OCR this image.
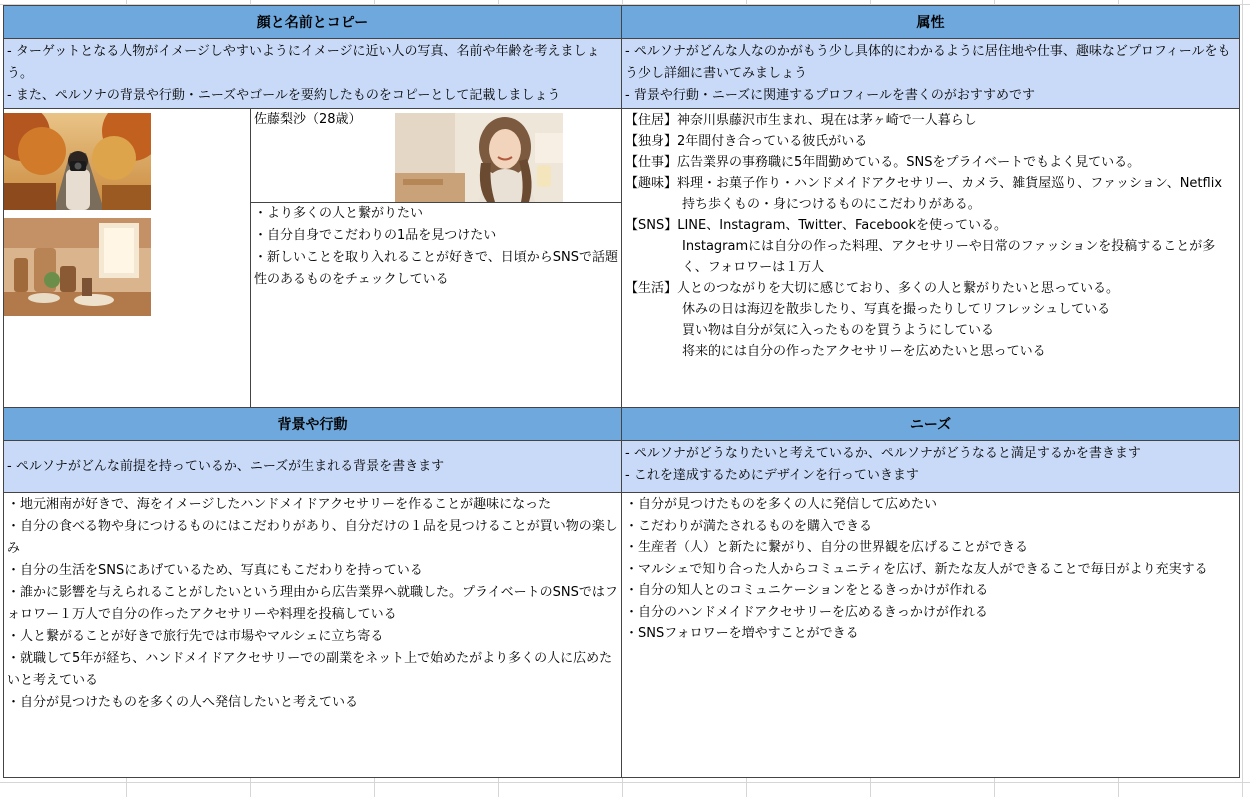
顔と名前とコピー

- ターゲットとなる人物がイメージしやすいようにイメージに近い人の写真、名前や年齢を考えましょう。

- また、ペルソナの背景や行動・ニーズやゴールを要約したものをコピーとして記載しましょう

佐藤梨沙（28歳）

・より多くの人と繋がりたい

・自分自身でこだわりの1品を見つけたい

・新しいことを取り入れることが好きで、日頃からSNSで話題性のあるものをチェックしている

属性

- ペルソナがどんな人なのかがもう少し具体的にわかるように居住地や仕事、趣味などプロフィールをもう少し詳細に書いてみましょう

- 背景や行動・ニーズに関連するプロフィールを書くのがおすすめです

【住居】神奈川県藤沢市生まれ、現在は茅ヶ崎で一人暮らし

【独身】2年間付き合っている彼氏がいる

【仕事】広告業界の事務職に5年間勤めている。SNSをプライベートでもよく見ている。

【趣味】料理・お菓子作り・ハンドメイドアクセサリー、カメラ、雑貨屋巡り、ファッション、Netflix

持ち歩くもの・身につけるものにこだわりがある。

【SNS】LINE、Instagram、Twitter、Facebookを使っている。

Instagramには自分の作った料理、アクセサリーや日常のファッションを投稿することが多く、フォロワーは１万人

【生活】人とのつながりを大切に感じており、多くの人と繋がりたいと思っている。

休みの日は海辺を散歩したり、写真を撮ったりしてリフレッシュしている

買い物は自分が気に入ったものを買うようにしている

将来的には自分の作ったアクセサリーを広めたいと思っている

背景や行動

- ペルソナがどんな前提を持っているか、ニーズが生まれる背景を書きます

・地元湘南が好きで、海をイメージしたハンドメイドアクセサリーを作ることが趣味になった

・自分の食べる物や身につけるものにはこだわりがあり、自分だけの１品を見つけることが買い物の楽しみ

・自分の生活をSNSにあげているため、写真にもこだわりを持っている

・誰かに影響を与えられることがしたいという理由から広告業界へ就職した。プライベートのSNSではフォロワー１万人で自分の作ったアクセサリーや料理を投稿している

・人と繋がることが好きで旅行先では市場やマルシェに立ち寄る

・就職して5年が経ち、ハンドメイドアクセサリーでの副業をネット上で始めたがより多くの人に広めたいと考えている

・自分が見つけたものを多くの人へ発信したいと考えている

ニーズ

- ペルソナがどうなりたいと考えているか、ペルソナがどうなると満足するかを書きます

- これを達成するためにデザインを行っていきます

・自分が見つけたものを多くの人に発信して広めたい

・こだわりが満たされるものを購入できる

・生産者（人）と新たに繋がり、自分の世界観を広げることができる

・マルシェで知り合った人からコミュニティを広げ、新たな友人ができることで毎日がより充実する

・自分の知人とのコミュニケーションをとるきっかけが作れる

・自分のハンドメイドアクセサリーを広めるきっかけが作れる

・SNSフォロワーを増やすことができる
